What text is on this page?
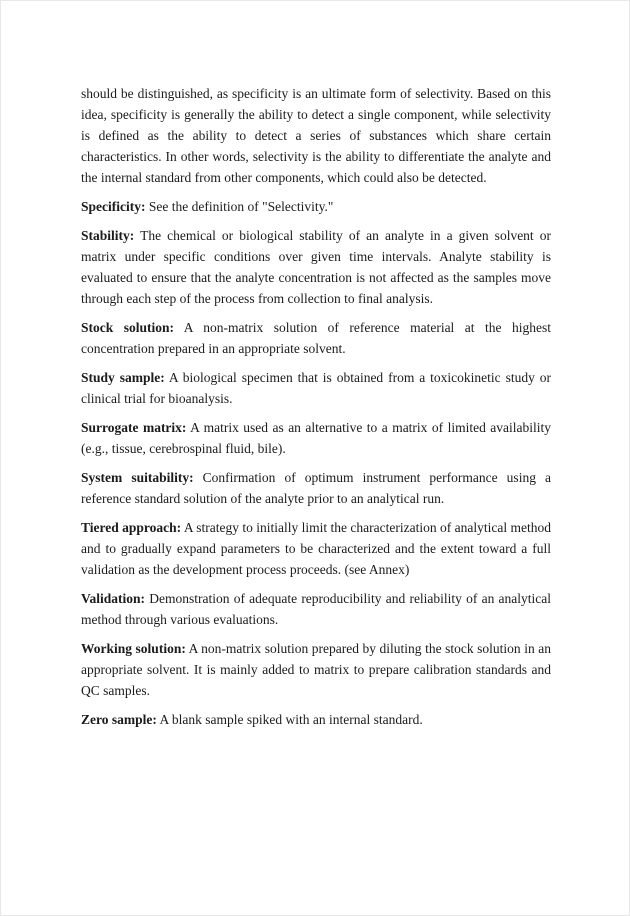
should be distinguished, as specificity is an ultimate form of selectivity. Based on this idea, specificity is generally the ability to detect a single component, while selectivity is defined as the ability to detect a series of substances which share certain characteristics. In other words, selectivity is the ability to differentiate the analyte and the internal standard from other components, which could also be detected.

Specificity: See the definition of "Selectivity."

Stability: The chemical or biological stability of an analyte in a given solvent or matrix under specific conditions over given time intervals. Analyte stability is evaluated to ensure that the analyte concentration is not affected as the samples move through each step of the process from collection to final analysis.

Stock solution: A non-matrix solution of reference material at the highest concentration prepared in an appropriate solvent.

Study sample: A biological specimen that is obtained from a toxicokinetic study or clinical trial for bioanalysis.

Surrogate matrix: A matrix used as an alternative to a matrix of limited availability (e.g., tissue, cerebrospinal fluid, bile).

System suitability: Confirmation of optimum instrument performance using a reference standard solution of the analyte prior to an analytical run.

Tiered approach: A strategy to initially limit the characterization of analytical method and to gradually expand parameters to be characterized and the extent toward a full validation as the development process proceeds. (see Annex)

Validation: Demonstration of adequate reproducibility and reliability of an analytical method through various evaluations.

Working solution: A non-matrix solution prepared by diluting the stock solution in an appropriate solvent. It is mainly added to matrix to prepare calibration standards and QC samples.

Zero sample: A blank sample spiked with an internal standard.
